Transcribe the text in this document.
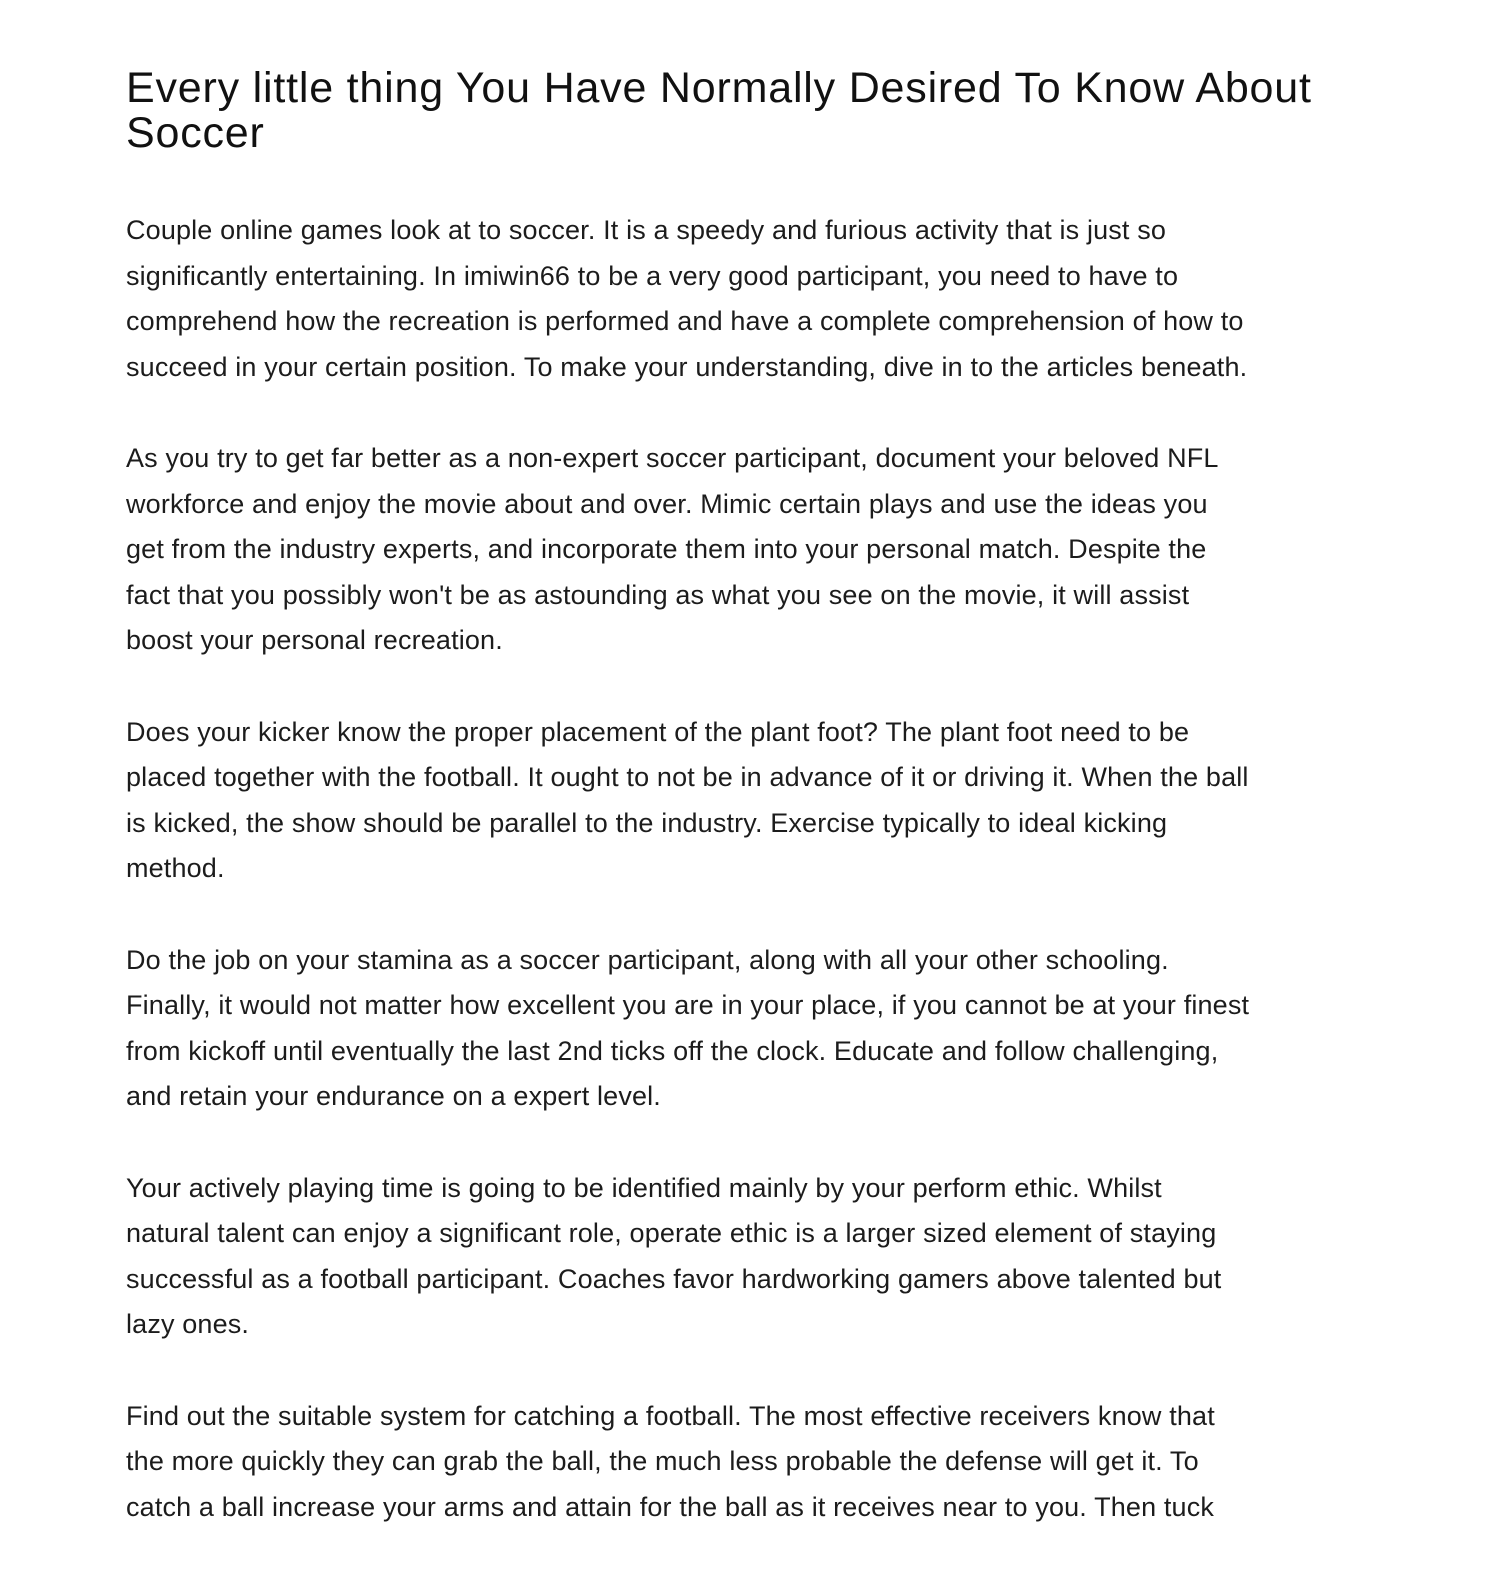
Every little thing You Have Normally Desired To Know About
Soccer

Couple online games look at to soccer. It is a speedy and furious activity that is just so
significantly entertaining. In imiwin66 to be a very good participant, you need to have to
comprehend how the recreation is performed and have a complete comprehension of how to
succeed in your certain position. To make your understanding, dive in to the articles beneath.

As you try to get far better as a non-expert soccer participant, document your beloved NFL
workforce and enjoy the movie about and over. Mimic certain plays and use the ideas you
get from the industry experts, and incorporate them into your personal match. Despite the
fact that you possibly won't be as astounding as what you see on the movie, it will assist
boost your personal recreation.

Does your kicker know the proper placement of the plant foot? The plant foot need to be
placed together with the football. It ought to not be in advance of it or driving it. When the ball
is kicked, the show should be parallel to the industry. Exercise typically to ideal kicking
method.

Do the job on your stamina as a soccer participant, along with all your other schooling.
Finally, it would not matter how excellent you are in your place, if you cannot be at your finest
from kickoff until eventually the last 2nd ticks off the clock. Educate and follow challenging,
and retain your endurance on a expert level.

Your actively playing time is going to be identified mainly by your perform ethic. Whilst
natural talent can enjoy a significant role, operate ethic is a larger sized element of staying
successful as a football participant. Coaches favor hardworking gamers above talented but
lazy ones.

Find out the suitable system for catching a football. The most effective receivers know that
the more quickly they can grab the ball, the much less probable the defense will get it. To
catch a ball increase your arms and attain for the ball as it receives near to you. Then tuck
